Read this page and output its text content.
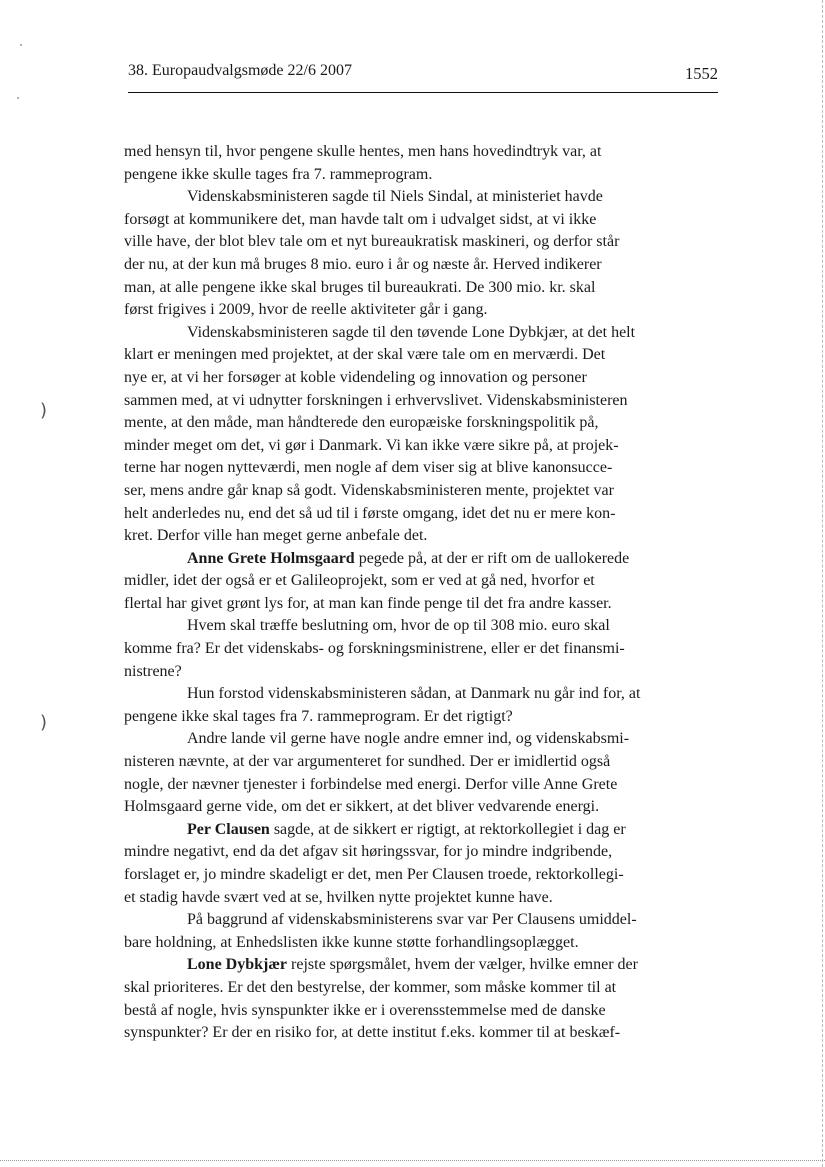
38. Europaudvalgsmøde 22/6 2007	1552

med hensyn til, hvor pengene skulle hentes, men hans hovedindtryk var, at
pengene ikke skulle tages fra 7. rammeprogram.

Videnskabsministeren sagde til Niels Sindal, at ministeriet havde
forsøgt at kommunikere det, man havde talt om i udvalget sidst, at vi ikke
ville have, der blot blev tale om et nyt bureaukratisk maskineri, og derfor står
der nu, at der kun må bruges 8 mio. euro i år og næste år. Herved indikerer
man, at alle pengene ikke skal bruges til bureaukrati. De 300 mio. kr. skal
først frigives i 2009, hvor de reelle aktiviteter går i gang.

Videnskabsministeren sagde til den tøvende Lone Dybkjær, at det helt
klart er meningen med projektet, at der skal være tale om en merværdi. Det
nye er, at vi her forsøger at koble videndeling og innovation og personer
sammen med, at vi udnytter forskningen i erhvervslivet. Videnskabsministeren
mente, at den måde, man håndterede den europæiske forskningspolitik på,
minder meget om det, vi gør i Danmark. Vi kan ikke være sikre på, at projek-
terne har nogen nytteværdi, men nogle af dem viser sig at blive kanonsucce-
ser, mens andre går knap så godt. Videnskabsministeren mente, projektet var
helt anderledes nu, end det så ud til i første omgang, idet det nu er mere kon-
kret. Derfor ville han meget gerne anbefale det.

Anne Grete Holmsgaard pegede på, at der er rift om de uallokerede
midler, idet der også er et Galileoprojekt, som er ved at gå ned, hvorfor et
flertal har givet grønt lys for, at man kan finde penge til det fra andre kasser.

Hvem skal træffe beslutning om, hvor de op til 308 mio. euro skal
komme fra? Er det videnskabs- og forskningsministrene, eller er det finansmi-
nistrene?

Hun forstod videnskabsministeren sådan, at Danmark nu går ind for, at
pengene ikke skal tages fra 7. rammeprogram. Er det rigtigt?

Andre lande vil gerne have nogle andre emner ind, og videnskabsmi-
nisteren nævnte, at der var argumenteret for sundhed. Der er imidlertid også
nogle, der nævner tjenester i forbindelse med energi. Derfor ville Anne Grete
Holmsgaard gerne vide, om det er sikkert, at det bliver vedvarende energi.

Per Clausen sagde, at de sikkert er rigtigt, at rektorkollegiet i dag er
mindre negativt, end da det afgav sit høringssvar, for jo mindre indgribende,
forslaget er, jo mindre skadeligt er det, men Per Clausen troede, rektorkollegi-
et stadig havde svært ved at se, hvilken nytte projektet kunne have.

På baggrund af videnskabsministerens svar var Per Clausens umiddel-
bare holdning, at Enhedslisten ikke kunne støtte forhandlingsoplægget.

Lone Dybkjær rejste spørgsmålet, hvem der vælger, hvilke emner der
skal prioriteres. Er det den bestyrelse, der kommer, som måske kommer til at
bestå af nogle, hvis synspunkter ikke er i overensstemmelse med de danske
synspunkter? Er der en risiko for, at dette institut f.eks. kommer til at beskæf-

)
)
